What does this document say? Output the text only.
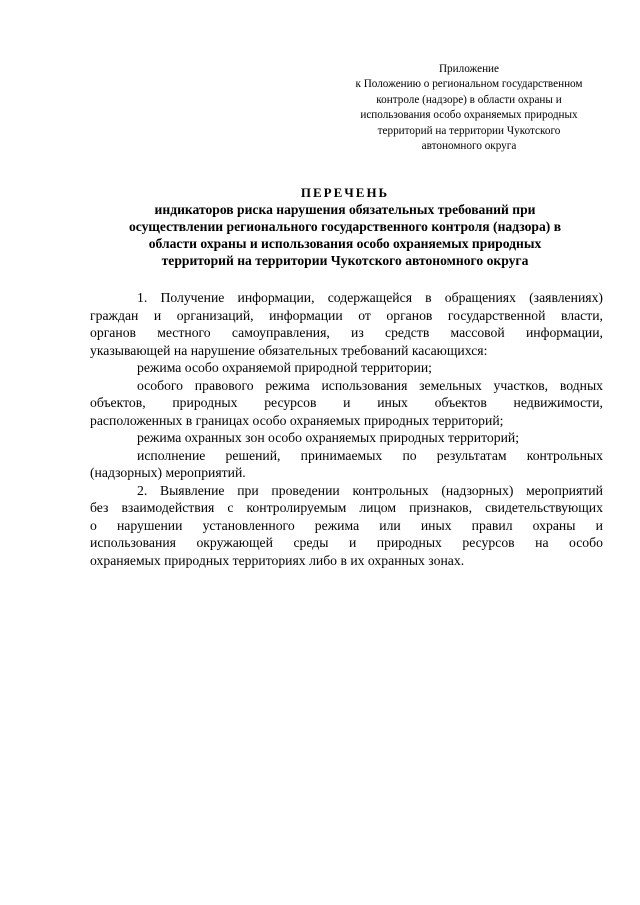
Приложение
к Положению о региональном государственном
контроле (надзоре) в области охраны и
использования особо охраняемых природных
территорий на территории Чукотского
автономного округа
ПЕРЕЧЕНЬ
индикаторов риска нарушения обязательных требований при
осуществлении регионального государственного контроля (надзора) в
области охраны и использования особо охраняемых природных
территорий на территории Чукотского автономного округа
1. Получение информации, содержащейся в обращениях (заявлениях)
граждан и организаций, информации от органов государственной власти,
органов местного самоуправления, из средств массовой информации,
указывающей на нарушение обязательных требований касающихся:
режима особо охраняемой природной территории;
особого правового режима использования земельных участков, водных
объектов, природных ресурсов и иных объектов недвижимости,
расположенных в границах особо охраняемых природных территорий;
режима охранных зон особо охраняемых природных территорий;
исполнение решений, принимаемых по результатам контрольных
(надзорных) мероприятий.
2. Выявление при проведении контрольных (надзорных) мероприятий
без взаимодействия с контролируемым лицом признаков, свидетельствующих
о нарушении установленного режима или иных правил охраны и
использования окружающей среды и природных ресурсов на особо
охраняемых природных территориях либо в их охранных зонах.
